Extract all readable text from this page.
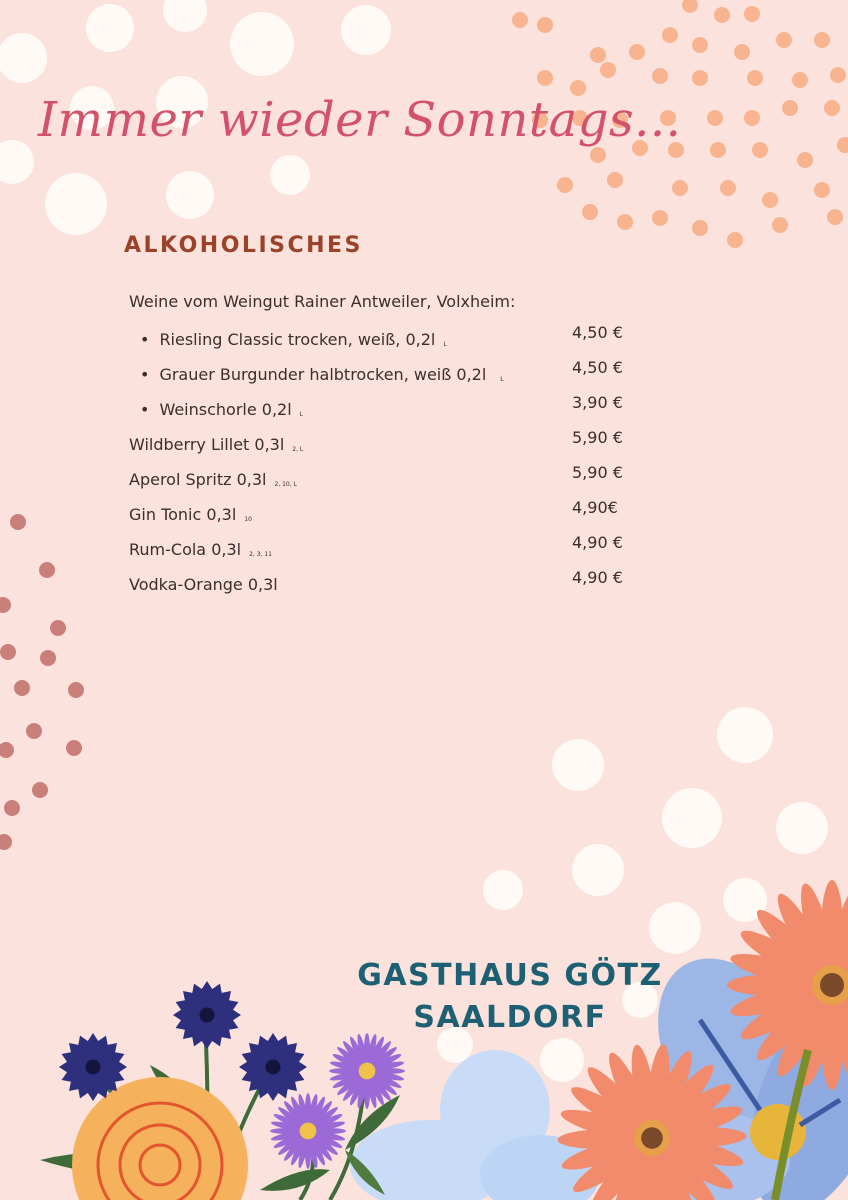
Immer wieder Sonntags...
ALKOHOLISCHES

Weine vom Weingut Rainer Antweiler, Volxheim:

• Riesling Classic trocken, weiß, 0,2l L
4,50 €
• Grauer Burgunder halbtrocken, weiß 0,2l L
4,50 €
• Weinschorle 0,2l L
3,90 €
Wildberry Lillet 0,3l 2, L
5,90 €
Aperol Spritz 0,3l 2, 10, L
5,90 €
Gin Tonic 0,3l 10
4,90€
Rum-Cola 0,3l 2, 3, 11
4,90 €
Vodka-Orange 0,3l	4,90 €
GASTHAUS GÖTZ
SAALDORF
